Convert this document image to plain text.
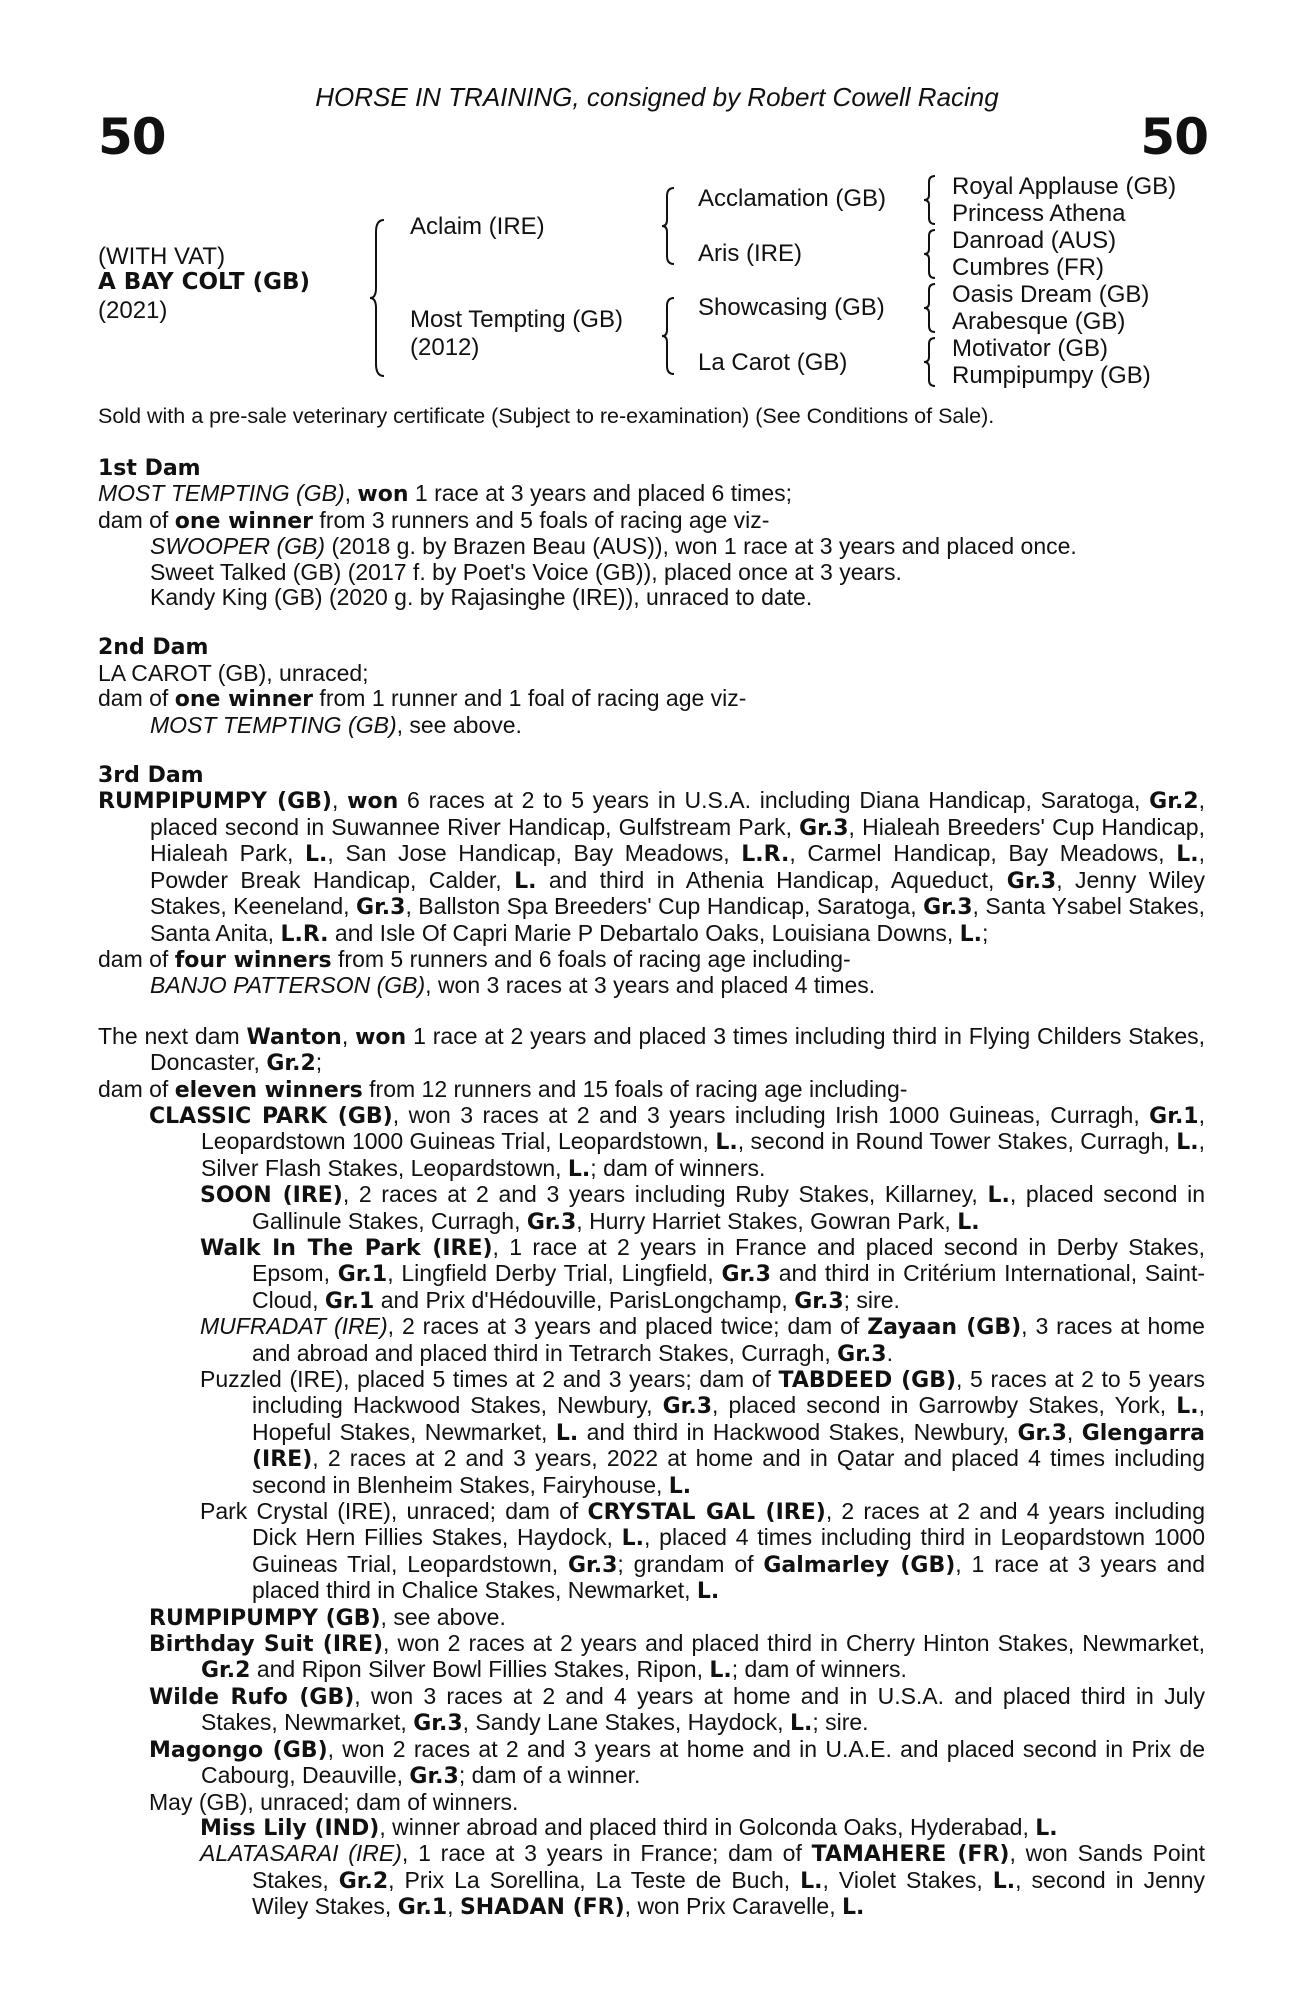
HORSE IN TRAINING, consigned by Robert Cowell Racing
50	50
(WITH VAT)
A BAY COLT (GB)
(2021)
Aclaim (IRE)
Most Tempting (GB)
(2012)
Acclamation (GB)
Aris (IRE)
Showcasing (GB)
La Carot (GB)
Royal Applause (GB)
Princess Athena
Danroad (AUS)
Cumbres (FR)
Oasis Dream (GB)
Arabesque (GB)
Motivator (GB)
Rumpipumpy (GB)
Sold with a pre-sale veterinary certificate (Subject to re-examination) (See Conditions of Sale).
1st Dam

MOST TEMPTING (GB), won 1 race at 3 years and placed 6 times;

dam of one winner from 3 runners and 5 foals of racing age viz-

SWOOPER (GB) (2018 g. by Brazen Beau (AUS)), won 1 race at 3 years and placed once.

Sweet Talked (GB) (2017 f. by Poet's Voice (GB)), placed once at 3 years.

Kandy King (GB) (2020 g. by Rajasinghe (IRE)), unraced to date.

2nd Dam

LA CAROT (GB), unraced;

dam of one winner from 1 runner and 1 foal of racing age viz-

MOST TEMPTING (GB), see above.

3rd Dam

RUMPIPUMPY (GB), won 6 races at 2 to 5 years in U.S.A. including Diana Handicap, Saratoga, Gr.2, placed second in Suwannee River Handicap, Gulfstream Park, Gr.3, Hialeah Breeders' Cup Handicap, Hialeah Park, L., San Jose Handicap, Bay Meadows, L.R., Carmel Handicap, Bay Meadows, L., Powder Break Handicap, Calder, L. and third in Athenia Handicap, Aqueduct, Gr.3, Jenny Wiley Stakes, Keeneland, Gr.3, Ballston Spa Breeders' Cup Handicap, Saratoga, Gr.3, Santa Ysabel Stakes, Santa Anita, L.R. and Isle Of Capri Marie P Debartalo Oaks, Louisiana Downs, L.;

dam of four winners from 5 runners and 6 foals of racing age including-

BANJO PATTERSON (GB), won 3 races at 3 years and placed 4 times.

The next dam Wanton, won 1 race at 2 years and placed 3 times including third in Flying Childers Stakes, Doncaster, Gr.2;

dam of eleven winners from 12 runners and 15 foals of racing age including-

CLASSIC PARK (GB), won 3 races at 2 and 3 years including Irish 1000 Guineas, Curragh, Gr.1, Leopardstown 1000 Guineas Trial, Leopardstown, L., second in Round Tower Stakes, Curragh, L., Silver Flash Stakes, Leopardstown, L.; dam of winners.

SOON (IRE), 2 races at 2 and 3 years including Ruby Stakes, Killarney, L., placed second in Gallinule Stakes, Curragh, Gr.3, Hurry Harriet Stakes, Gowran Park, L.

Walk In The Park (IRE), 1 race at 2 years in France and placed second in Derby Stakes, Epsom, Gr.1, Lingfield Derby Trial, Lingfield, Gr.3 and third in Critérium International, Saint-Cloud, Gr.1 and Prix d'Hédouville, ParisLongchamp, Gr.3; sire.

MUFRADAT (IRE), 2 races at 3 years and placed twice; dam of Zayaan (GB), 3 races at home and abroad and placed third in Tetrarch Stakes, Curragh, Gr.3.

Puzzled (IRE), placed 5 times at 2 and 3 years; dam of TABDEED (GB), 5 races at 2 to 5 years including Hackwood Stakes, Newbury, Gr.3, placed second in Garrowby Stakes, York, L., Hopeful Stakes, Newmarket, L. and third in Hackwood Stakes, Newbury, Gr.3, Glengarra (IRE), 2 races at 2 and 3 years, 2022 at home and in Qatar and placed 4 times including second in Blenheim Stakes, Fairyhouse, L.

Park Crystal (IRE), unraced; dam of CRYSTAL GAL (IRE), 2 races at 2 and 4 years including Dick Hern Fillies Stakes, Haydock, L., placed 4 times including third in Leopardstown 1000 Guineas Trial, Leopardstown, Gr.3; grandam of Galmarley (GB), 1 race at 3 years and placed third in Chalice Stakes, Newmarket, L.

RUMPIPUMPY (GB), see above.

Birthday Suit (IRE), won 2 races at 2 years and placed third in Cherry Hinton Stakes, Newmarket, Gr.2 and Ripon Silver Bowl Fillies Stakes, Ripon, L.; dam of winners.

Wilde Rufo (GB), won 3 races at 2 and 4 years at home and in U.S.A. and placed third in July Stakes, Newmarket, Gr.3, Sandy Lane Stakes, Haydock, L.; sire.

Magongo (GB), won 2 races at 2 and 3 years at home and in U.A.E. and placed second in Prix de Cabourg, Deauville, Gr.3; dam of a winner.

May (GB), unraced; dam of winners.

Miss Lily (IND), winner abroad and placed third in Golconda Oaks, Hyderabad, L.

ALATASARAI (IRE), 1 race at 3 years in France; dam of TAMAHERE (FR), won Sands Point Stakes, Gr.2, Prix La Sorellina, La Teste de Buch, L., Violet Stakes, L., second in Jenny Wiley Stakes, Gr.1, SHADAN (FR), won Prix Caravelle, L.
